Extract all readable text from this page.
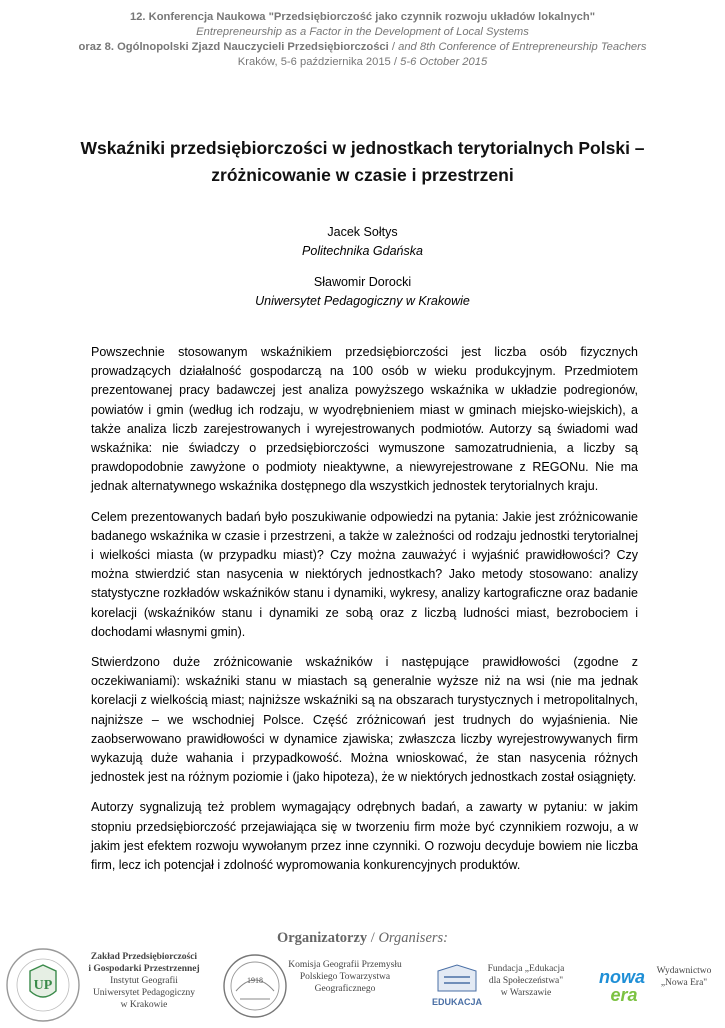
12. Konferencja Naukowa "Przedsiębiorczość jako czynnik rozwoju układów lokalnych"
Entrepreneurship as a Factor in the Development of Local Systems
oraz 8. Ogólnopolski Zjazd Nauczycieli Przedsiębiorczości / and 8th Conference of Entrepreneurship Teachers
Kraków, 5-6 października 2015 / 5-6 October 2015
Wskaźniki przedsiębiorczości w jednostkach terytorialnych Polski –
zróżnicowanie w czasie i przestrzeni
Jacek Sołtys
Politechnika Gdańska
Sławomir Dorocki
Uniwersytet Pedagogiczny w Krakowie

Powszechnie stosowanym wskaźnikiem przedsiębiorczości jest liczba osób fizycznych prowadzących działalność gospodarczą na 100 osób w wieku produkcyjnym. Przedmiotem prezentowanej pracy badawczej jest analiza powyższego wskaźnika w układzie podregionów, powiatów i gmin (według ich rodzaju, w wyodrębnieniem miast w gminach miejsko-wiejskich), a także analiza liczb zarejestrowanych i wyrejestrowanych podmiotów. Autorzy są świadomi wad wskaźnika: nie świadczy o przedsiębiorczości wymuszone samozatrudnienia, a liczby są prawdopodobnie zawyżone o podmioty nieaktywne, a niewyrejestrowane z REGONu. Nie ma jednak alternatywnego wskaźnika dostępnego dla wszystkich jednostek terytorialnych kraju.

Celem prezentowanych badań było poszukiwanie odpowiedzi na pytania: Jakie jest zróżnicowanie badanego wskaźnika w czasie i przestrzeni, a także w zależności od rodzaju jednostki terytorialnej i wielkości miasta (w przypadku miast)? Czy można zauważyć i wyjaśnić prawidłowości? Czy można stwierdzić stan nasycenia w niektórych jednostkach? Jako metody stosowano: analizy statystyczne rozkładów wskaźników stanu i dynamiki, wykresy, analizy kartograficzne oraz badanie korelacji (wskaźników stanu i dynamiki ze sobą oraz z liczbą ludności miast, bezrobociem i dochodami własnymi gmin).

Stwierdzono duże zróżnicowanie wskaźników i następujące prawidłowości (zgodne z oczekiwaniami): wskaźniki stanu w miastach są generalnie wyższe niż na wsi (nie ma jednak korelacji z wielkością miast; najniższe wskaźniki są na obszarach turystycznych i metropolitalnych, najniższe – we wschodniej Polsce. Część zróżnicowań jest trudnych do wyjaśnienia. Nie zaobserwowano prawidłowości w dynamice zjawiska; zwłaszcza liczby wyrejestrowywanych firm wykazują duże wahania i przypadkowość. Można wnioskować, że stan nasycenia różnych jednostek jest na różnym poziomie i (jako hipoteza), że w niektórych jednostkach został osiągnięty.

Autorzy sygnalizują też problem wymagający odrębnych badań, a zawarty w pytaniu: w jakim stopniu przedsiębiorczość przejawiająca się w tworzeniu firm może być czynnikiem rozwoju, a w jakim jest efektem rozwoju wywołanym przez inne czynniki. O rozwoju decyduje bowiem nie liczba firm, lecz ich potencjał i zdolność wypromowania konkurencyjnych produktów.

Organizatorzy / Organisers:
UP
Zakład Przedsiębiorczości
i Gospodarki Przestrzennej
Instytut Geografii
Uniwersytet Pedagogiczny
w Krakowie
1918
Komisja Geografii Przemysłu
Polskiego Towarzystwa
Geograficznego
EDUKACJA
Fundacja „Edukacja
dla Społeczeństwa"
w Warszawie
nowa
era
Wydawnictwo
„Nowa Era"
